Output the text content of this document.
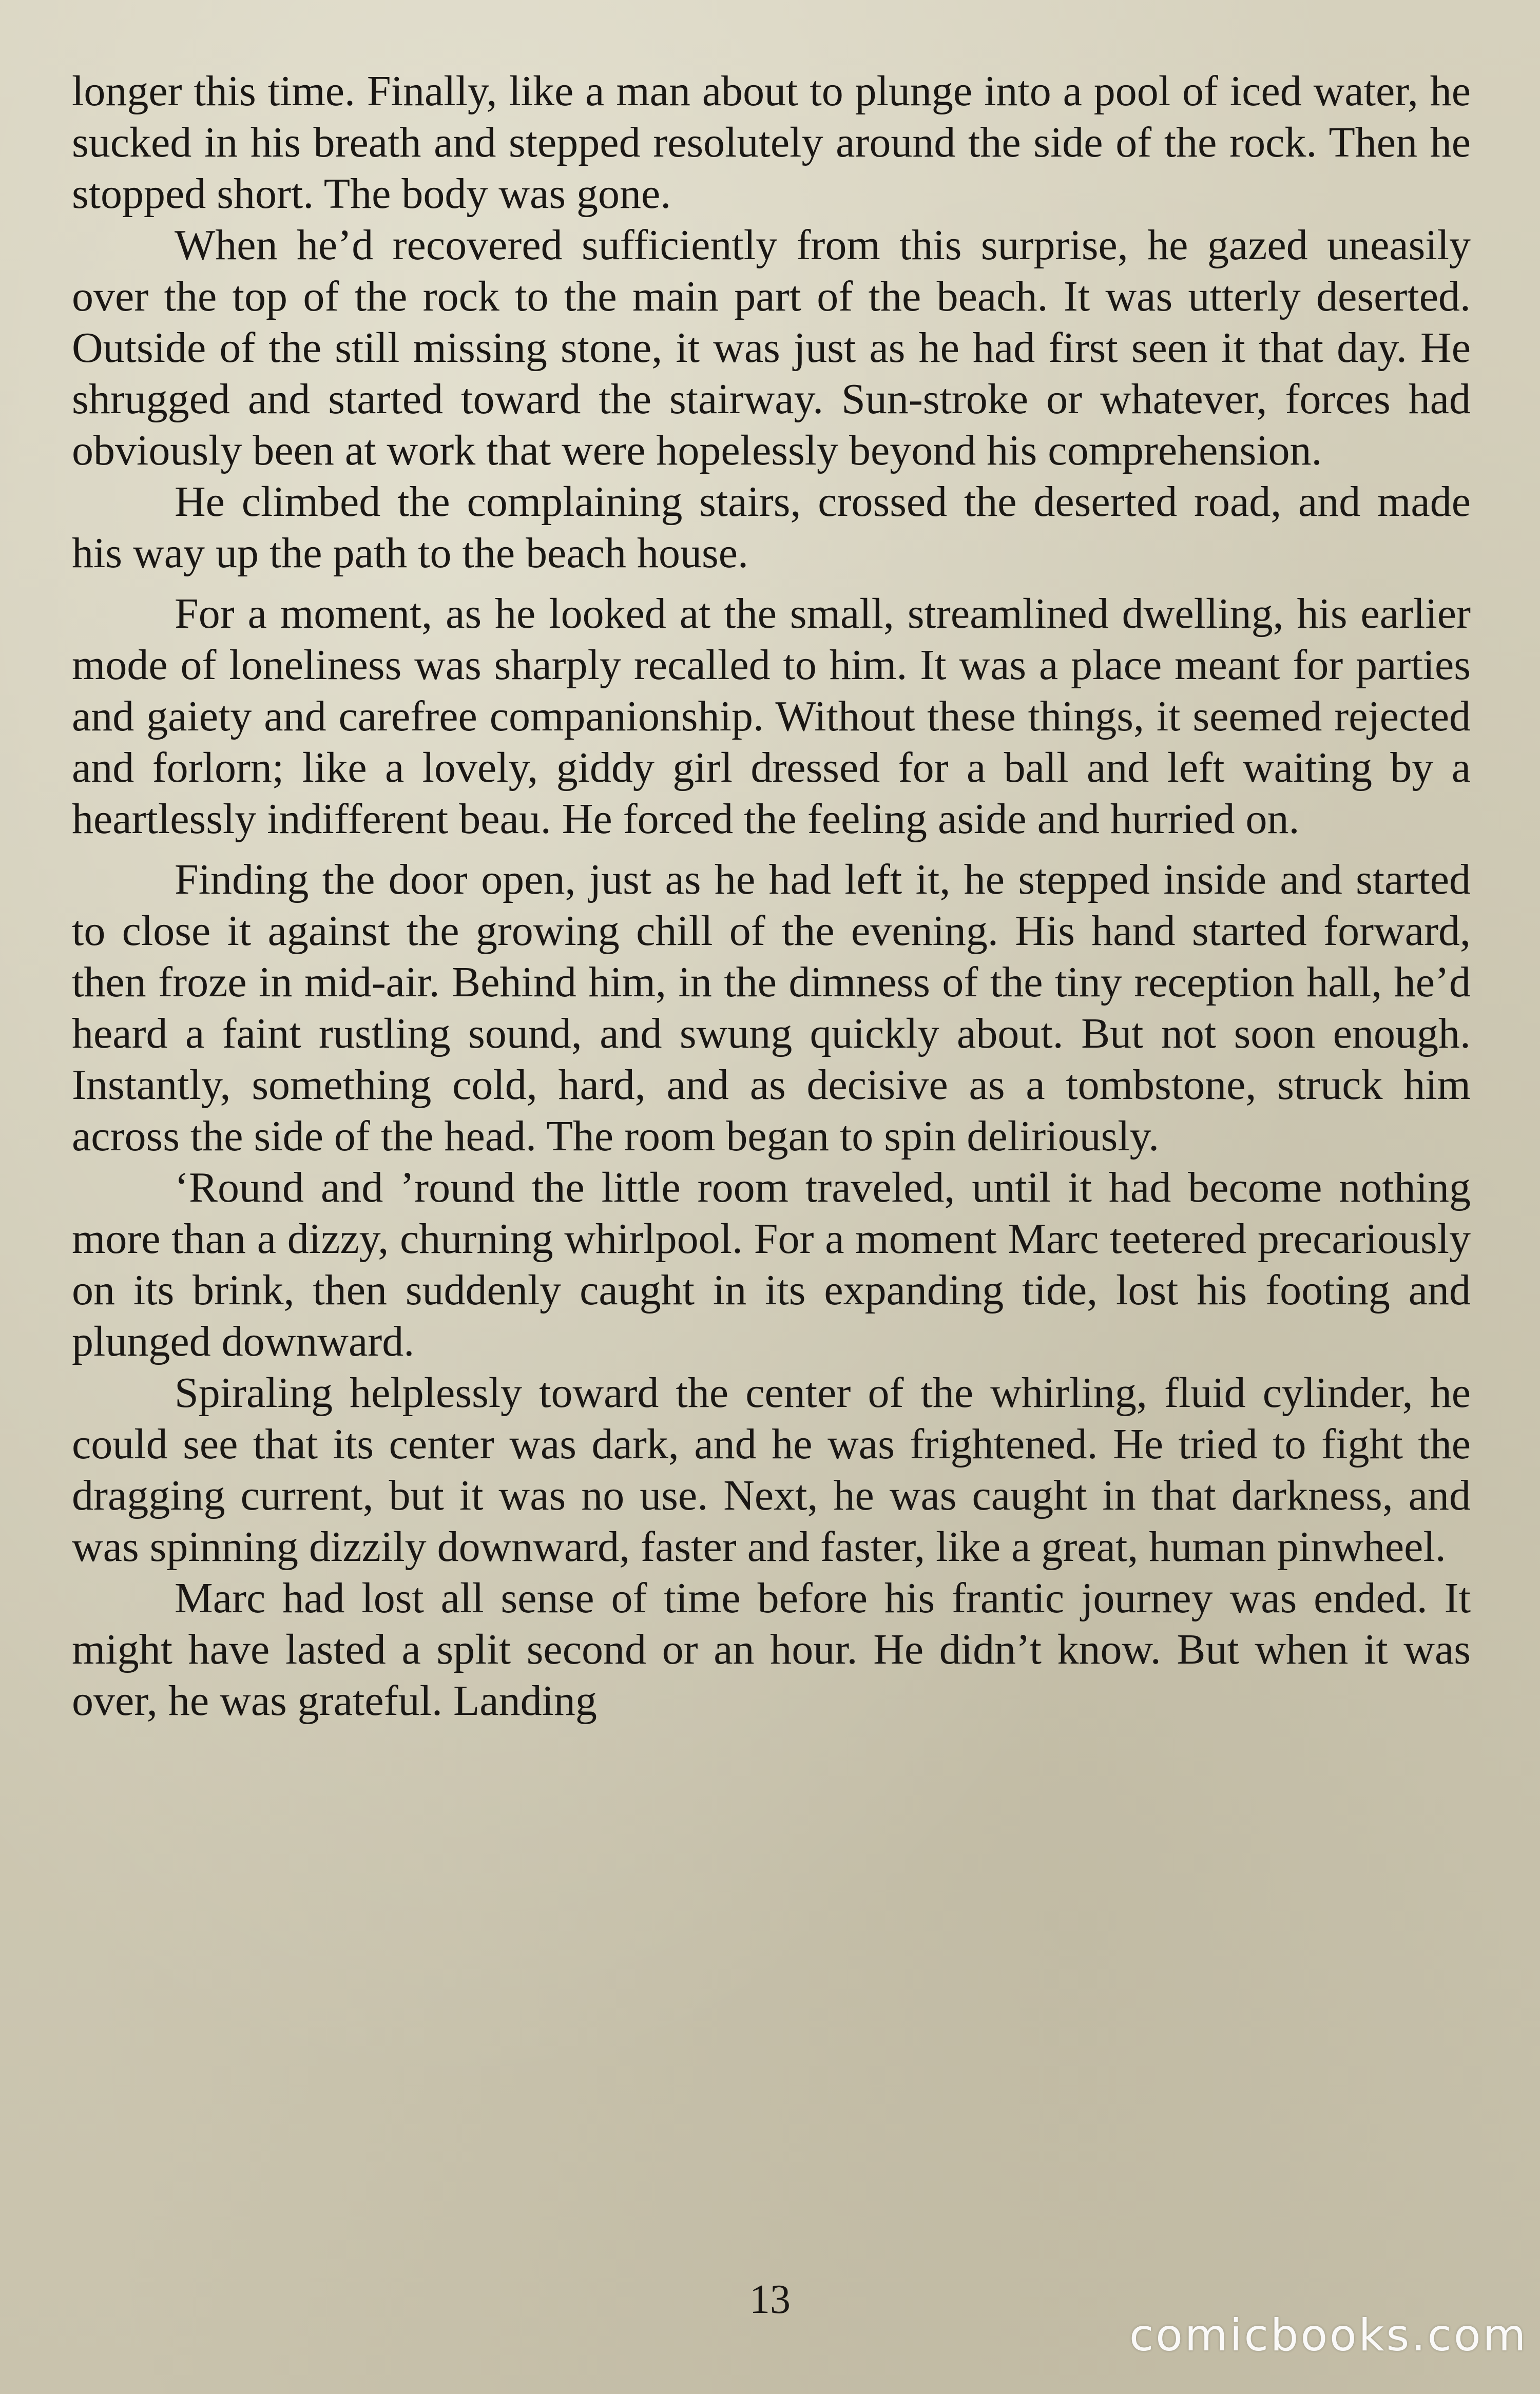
longer this time. Finally, like a man about to plunge into a pool of iced water, he sucked in his breath and stepped resolutely around the side of the rock. Then he stopped short. The body was gone.

When he’d recovered sufficiently from this surprise, he gazed uneasily over the top of the rock to the main part of the beach. It was utterly deserted. Outside of the still missing stone, it was just as he had first seen it that day. He shrugged and started toward the stairway. Sun-stroke or whatever, forces had obviously been at work that were hopelessly beyond his comprehension.

He climbed the complaining stairs, crossed the deserted road, and made his way up the path to the beach house.

For a moment, as he looked at the small, streamlined dwelling, his earlier mode of loneliness was sharply recalled to him. It was a place meant for parties and gaiety and carefree companionship. Without these things, it seemed rejected and forlorn; like a lovely, giddy girl dressed for a ball and left waiting by a heartlessly indifferent beau. He forced the feeling aside and hurried on.

Finding the door open, just as he had left it, he stepped inside and started to close it against the growing chill of the evening. His hand started forward, then froze in mid-air. Behind him, in the dimness of the tiny reception hall, he’d heard a faint rustling sound, and swung quickly about. But not soon enough. Instantly, something cold, hard, and as decisive as a tombstone, struck him across the side of the head. The room began to spin deliriously.

‘Round and ’round the little room traveled, until it had become nothing more than a dizzy, churning whirlpool. For a moment Marc teetered precariously on its brink, then suddenly caught in its expanding tide, lost his footing and plunged downward.

Spiraling helplessly toward the center of the whirling, fluid cylinder, he could see that its center was dark, and he was frightened. He tried to fight the dragging current, but it was no use. Next, he was caught in that darkness, and was spinning dizzily downward, faster and faster, like a great, human pinwheel.

Marc had lost all sense of time before his frantic journey was ended. It might have lasted a split second or an hour. He didn’t know. But when it was over, he was grateful. Landing

13
comicbooks.com
